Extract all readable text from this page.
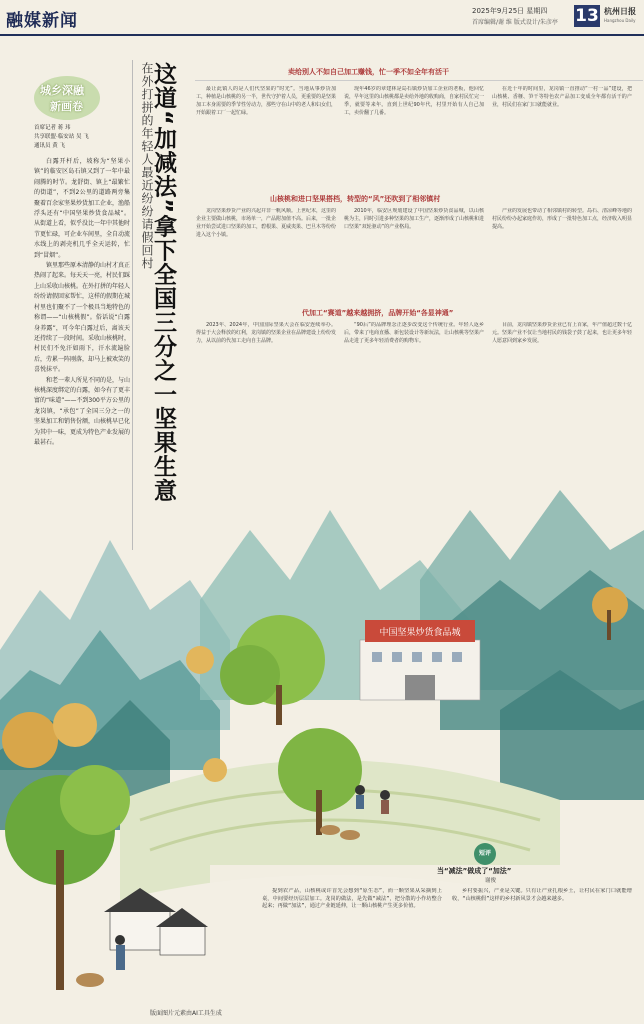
融媒新闻	2025年9月25日 星期四
首席编辑/谢 维 版式设计/朱彦亭 13 杭州日报
Hangzhou Daily
城乡深融
新画卷
首席记者 蒋 玮
共享联盟·临安站 吴 飞
通讯员 黄 飞

白露开杆后，坡称为“坚果小镇”的临安区岛石镇又到了一年中最闹腾的时节。龙舒街、镇上“最繁忙的街道”，不到2公里的道路两旁集聚着百余家坚果炒货加工企业，渔船浮头还有“中国坚果炒货食品城”。从街道上看，似乎没比一年中其他时节更忙碌，可企业车间里，全自动流水线上的剥壳机几乎全天运转，忙到“冒烟”。

镇里那些原本清静的山村才真正热闹了起来。每天天一亮，村民们踩上山采收山核桃。在外打拼的年轻人纷纷请假回家帮忙，这样的假期在城村里也们聚不了一个极具当地特色的称谓——“山核桃假”。俗话说“白露身养露”，可今年白露过后，离该天还持续了一段时间。采收山核桃时，村民们不免汗如雨下，汗水流遍脸后，劳累一阵刚落，却马上被欢笑的喜悦抹平。

和老一辈人所见不同的是，与山核桃深度绑定的白露，如今有了更丰富的“味道”——不到300平方公里的龙岗镇，“承包”了全国三分之一的坚果加工和销售份额，山核桃早已化为其中一味，更成为特色产业发展的最甚石。

在外打拼的年轻人最近纷纷请假回村
这道“加减法”拿下全国三分之一坚果生意	卖给别人不如自己加工赚钱，忙一季不如全年有活干

最让此镇人的是人们代坚果的“时光”。当地从事炒货加工，种植是山核桃的另一半，世代守护着人员，更重要的是坚果加工本身需要的季节性劳动力，那些守在山中的老人和妇女们，开始跟着工厂一起忙碌。

现年46岁的章建林是岛石镇炒货加工企业的老板，他回忆说，早年这里的山核桃都是卖给外地的收购商，自家村民忙完一季，就要等来年。直到上世纪90年代，村里开始有人自己加工，卖价翻了几番。

在近十年的时间里，龙岗镇一直推动“一村一品”建设，把山核桃、香榧、笋干等特色农产品加工变成全年都有活干的产业，村民们在家门口就能就业。

山核桃和进口坚果搭档，转型的“风”还吹到了相邻镇村

龙岗坚果炒货产业的兴起并非一帆风顺。上世纪末，这里的企业主要做山核桃，市场单一，产品附加值不高。后来，一批企业开始尝试进口坚果的加工，碧根果、夏威夷果、巴旦木等纷纷进入这个小镇。

2010年，临安区规划建设了中国坚果炒货食品城，以山核桃为主，同时引进多种坚果的加工生产，逐渐形成了山核桃和进口坚果“双轮驱动”的产业格局。

产业的发展也带动了相邻镇村的转型。岛石、清凉峰等地的村民纷纷办起家庭作坊，形成了一批特色加工点，经济收入明显提高。

代加工“赛道”越来越拥挤，品牌开始“各显神通”

2023年、2024年，中国国际坚果大会在临安连续举办。得益于大会释放的红利，龙岗镇的坚果企业在品牌建设上纷纷发力，从以前的代加工走向自主品牌。

“90后”的品牌理念正逐步改变这个传统行业。年轻人返乡后，带来了电商直播、新包装设计等新玩法，让山核桃等坚果产品走进了更多年轻消费者的购物车。

目前，龙岗镇坚果炒货企业已有上百家，年产值超过数十亿元。坚果产业不仅让当地村民的钱袋子鼓了起来，也让更多年轻人愿意回到家乡发展。

中国坚果炒货食品城
短评
当“减法”做成了“加法”
谢俊

提到农产品，山核桃或许首先会想到“原生态”，而一颗坚果从采摘到上桌，中间要经历层层加工。龙岗的做法，是先做“减法”，把分散的小作坊整合起来；再做“加法”，通过产业链延伸，让一颗山核桃产生更多价值。

乡村要振兴，产业是关键。只有让产业扎根乡土，让村民在家门口就能增收，“山核桃假”这样的乡村新风景才会越来越多。

版面图片元素由AI工具生成
